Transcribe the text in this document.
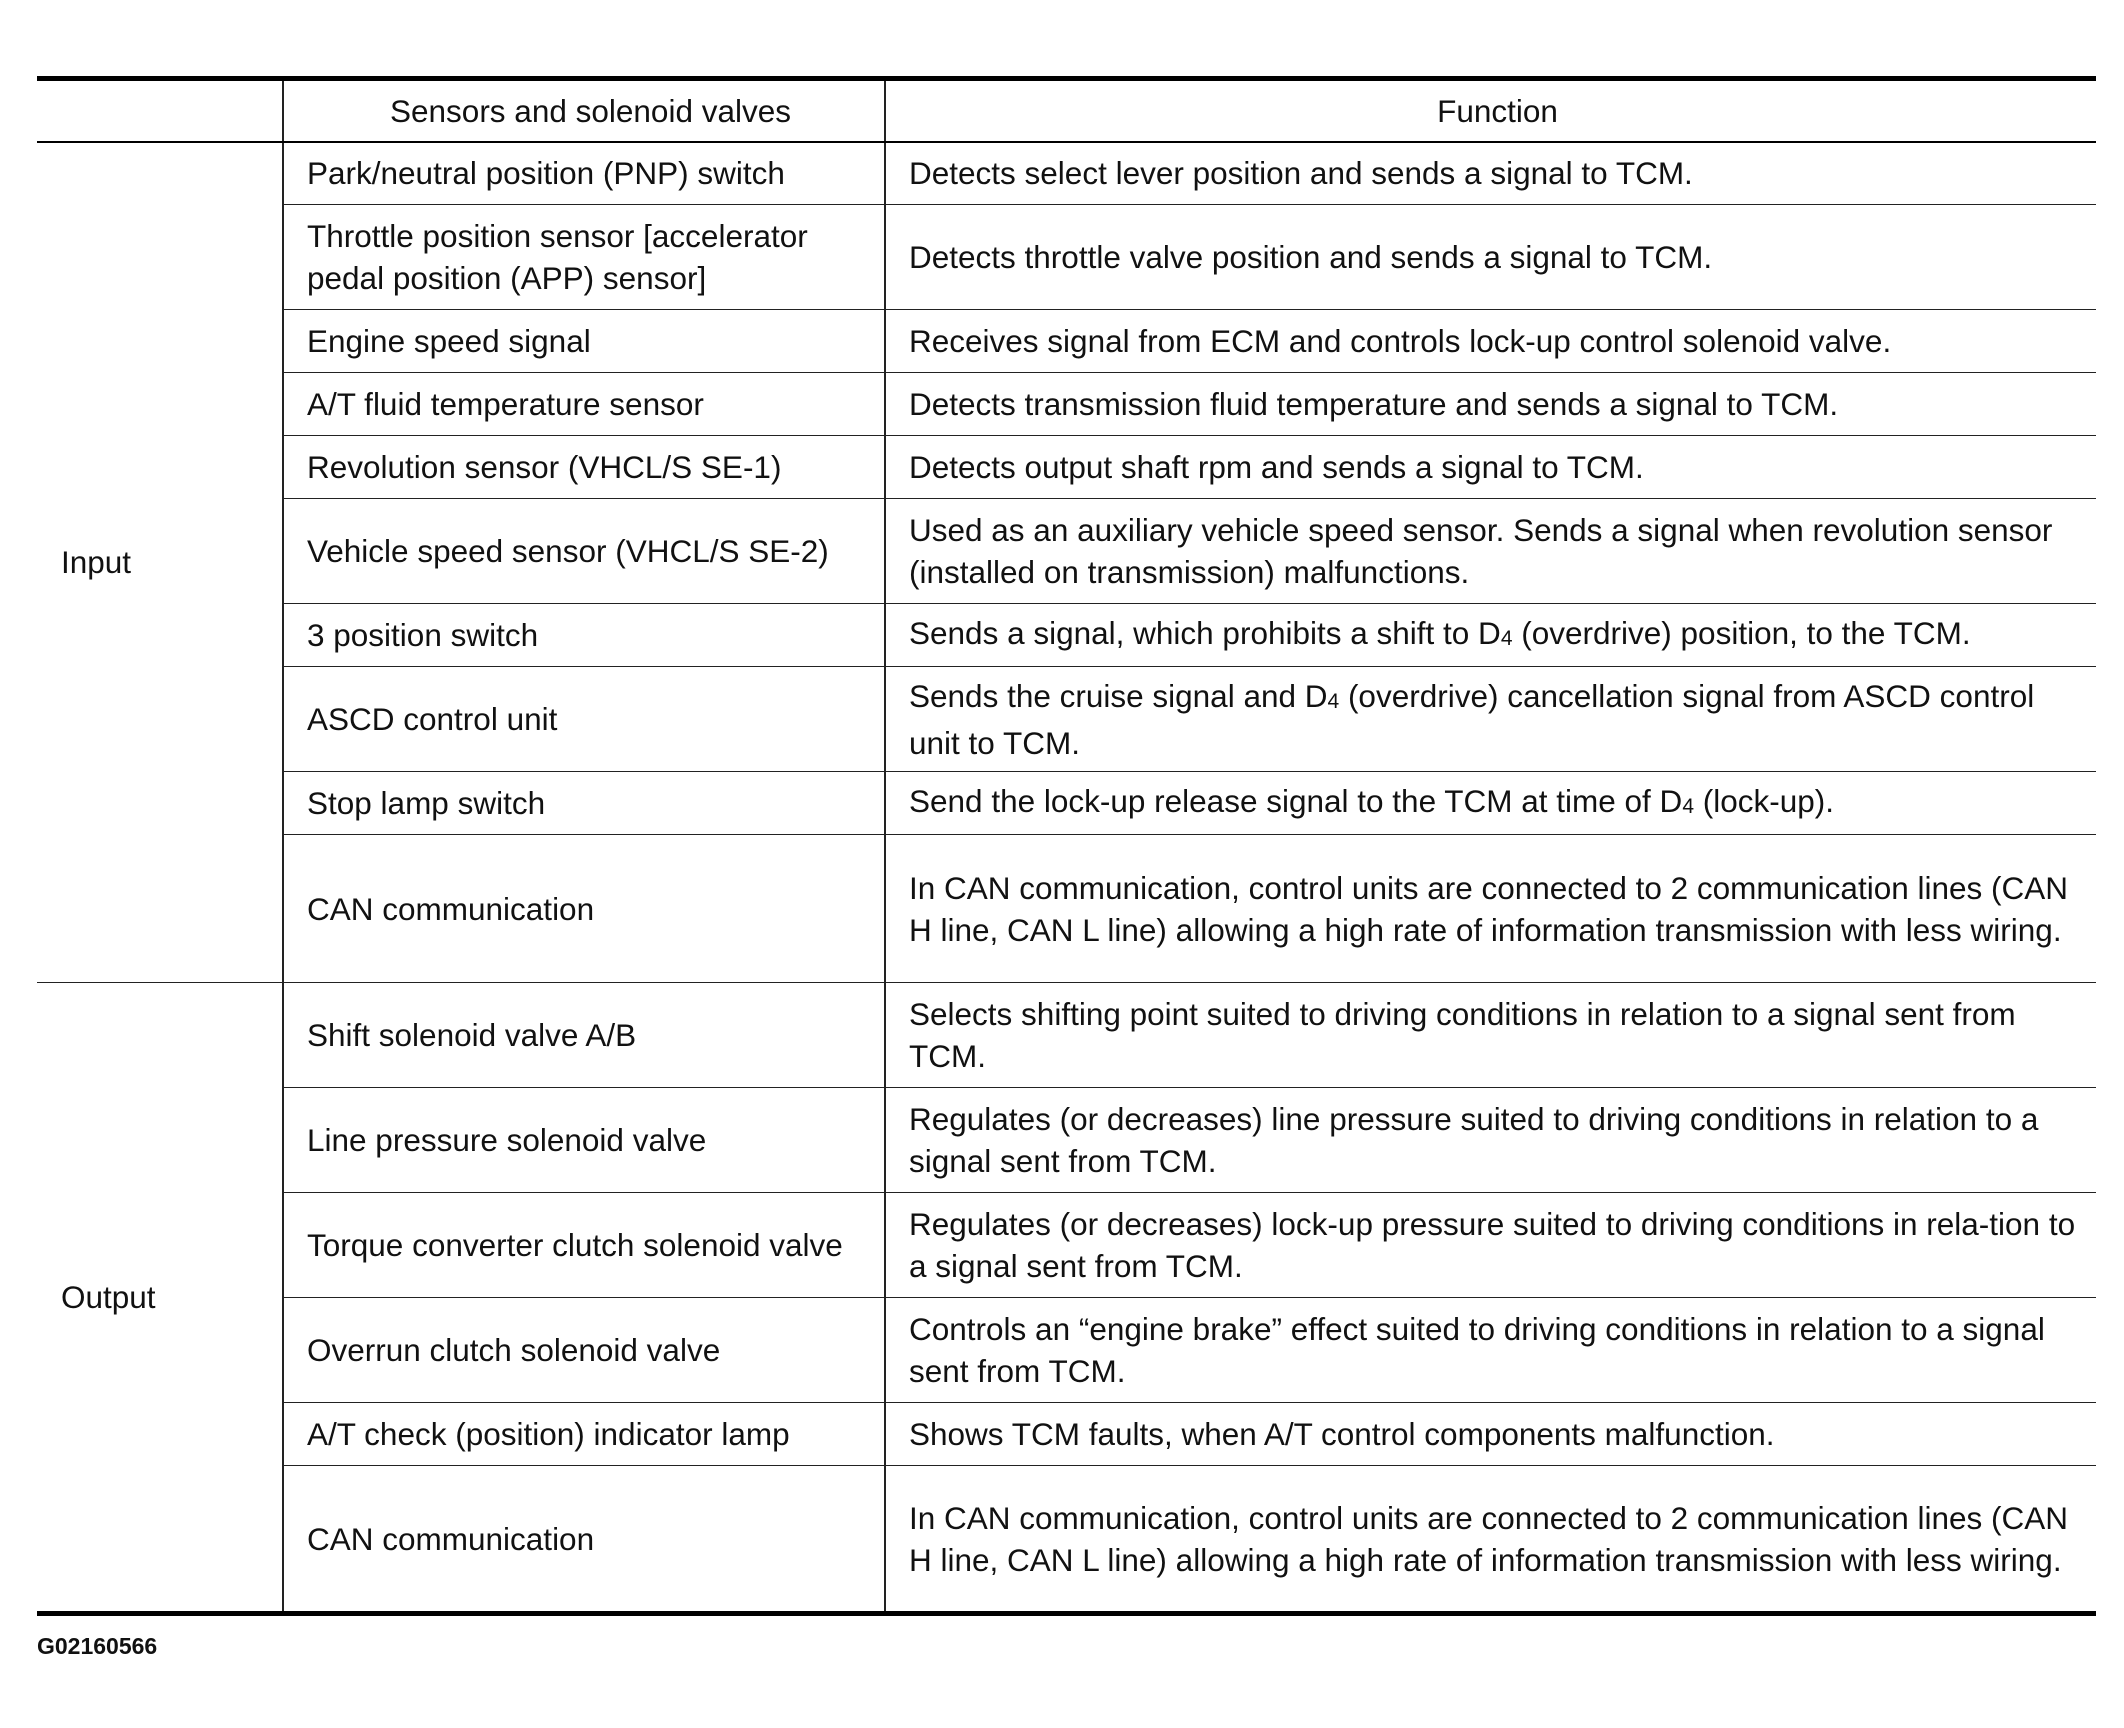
	Sensors and solenoid valves	Function
Input	Park/neutral position (PNP) switch	Detects select lever position and sends a signal to TCM.
	Throttle position sensor [accelerator pedal position (APP) sensor]	Detects throttle valve position and sends a signal to TCM.
	Engine speed signal	Receives signal from ECM and controls lock-up control solenoid valve.
	A/T fluid temperature sensor	Detects transmission fluid temperature and sends a signal to TCM.
	Revolution sensor (VHCL/S SE-1)	Detects output shaft rpm and sends a signal to TCM.
	Vehicle speed sensor (VHCL/S SE-2)	Used as an auxiliary vehicle speed sensor. Sends a signal when revolution sensor (installed on transmission) malfunctions.
	3 position switch	Sends a signal, which prohibits a shift to D4 (overdrive) position, to the TCM.
	ASCD control unit	Sends the cruise signal and D4 (overdrive) cancellation signal from ASCD control unit to TCM.
	Stop lamp switch	Send the lock-up release signal to the TCM at time of D4 (lock-up).
	CAN communication	In CAN communication, control units are connected to 2 communication lines (CAN H line, CAN L line) allowing a high rate of information transmission with less wiring.
Output	Shift solenoid valve A/B	Selects shifting point suited to driving conditions in relation to a signal sent from TCM.
	Line pressure solenoid valve	Regulates (or decreases) line pressure suited to driving conditions in relation to a signal sent from TCM.
	Torque converter clutch solenoid valve	Regulates (or decreases) lock-up pressure suited to driving conditions in rela-tion to a signal sent from TCM.
	Overrun clutch solenoid valve	Controls an “engine brake” effect suited to driving conditions in relation to a signal sent from TCM.
	A/T check (position) indicator lamp	Shows TCM faults, when A/T control components malfunction.
	CAN communication	In CAN communication, control units are connected to 2 communication lines (CAN H line, CAN L line) allowing a high rate of information transmission with less wiring.
G02160566
